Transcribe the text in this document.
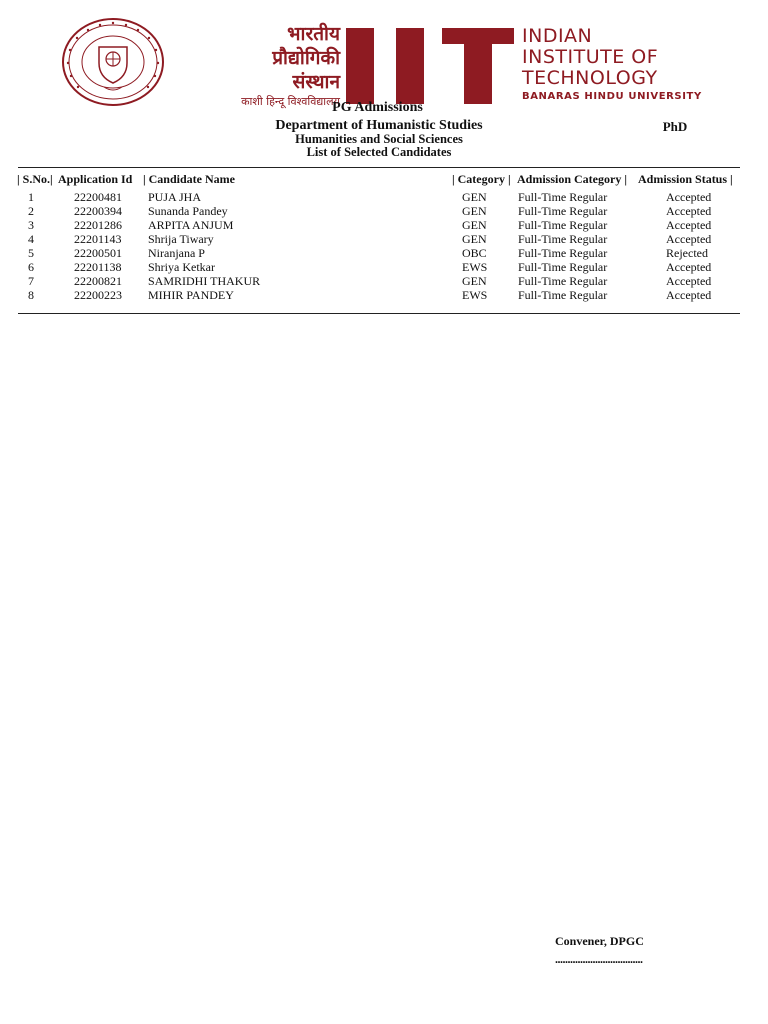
भारतीय
प्रौद्योगिकी
संस्थान
काशी हिन्दू विश्वविद्यालय
INDIAN
INSTITUTE OF
TECHNOLOGY
BANARAS HINDU UNIVERSITY
PG Admissions
Department of Humanistic Studies	PhD
Humanities and Social Sciences
List of Selected Candidates
| S.No.| Application Id | Candidate Name	| Category | Admission Category | Admission Status |
1	22200481 PUJA JHA	GEN	Full-Time Regular	Accepted
2	22200394 Sunanda Pandey	GEN	Full-Time Regular	Accepted
3	22201286 ARPITA ANJUM	GEN	Full-Time Regular	Accepted
4	22201143 Shrija Tiwary	GEN	Full-Time Regular	Accepted
5	22200501 Niranjana P	OBC	Full-Time Regular	Rejected
6	22201138 Shriya Ketkar	EWS	Full-Time Regular	Accepted
7	22200821 SAMRIDHI THAKUR	GEN	Full-Time Regular	Accepted
8	22200223 MIHIR PANDEY	EWS	Full-Time Regular	Accepted
Convener, DPGC
...................................
